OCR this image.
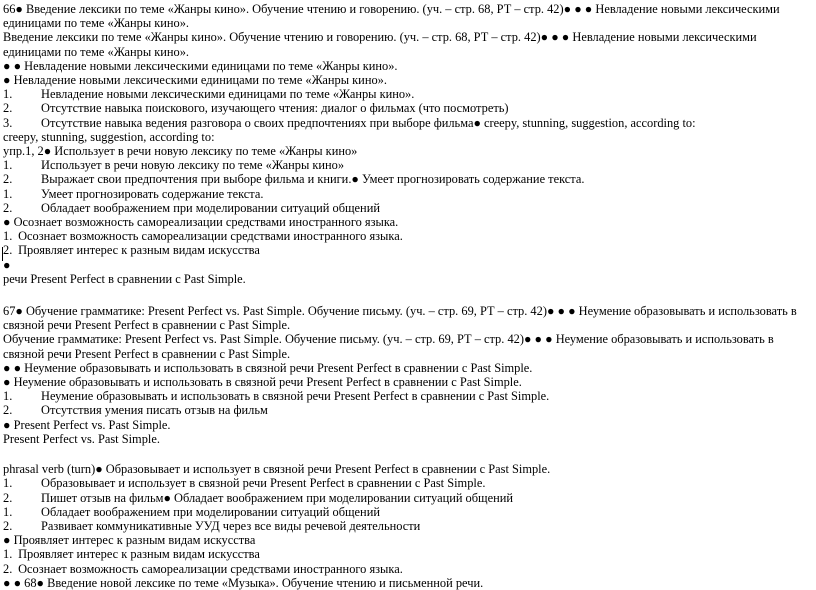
66● Введение лексики по теме «Жанры кино». Обучение чтению и говорению. (уч. – стр. 68, РТ – стр. 42)● ● ● Невладение новыми лексическими единицами по теме «Жанры кино».
Введение лексики по теме «Жанры кино». Обучение чтению и говорению. (уч. – стр. 68, РТ – стр. 42)● ● ● Невладение новыми лексическими единицами по теме «Жанры кино».
● ● Невладение новыми лексическими единицами по теме «Жанры кино».
● Невладение новыми лексическими единицами по теме «Жанры кино».
1. Невладение новыми лексическими единицами по теме «Жанры кино».
2. Отсутствие навыка поискового, изучающего чтения: диалог о фильмах (что посмотреть)
3. Отсутствие навыка ведения разговора о своих предпочтениях при выборе фильма● creepy, stunning, suggestion, according to:
creepy, stunning, suggestion, according to:
упр.1, 2● Использует в речи новую лексику по теме «Жанры кино»
1. Использует в речи новую лексику по теме «Жанры кино»
2. Выражает свои предпочтения при выборе фильма и книги.● Умеет прогнозировать содержание текста.
1. Умеет прогнозировать содержание текста.
2. Обладает воображением при моделировании ситуаций общений
● Осознает возможность самореализации средствами иностранного языка.
1. Осознает возможность самореализации средствами иностранного языка.
2. Проявляет интерес к разным видам искусства
●
речи Present Perfect в сравнении с Past Simple.
67● Обучение грамматике: Present Perfect vs. Past Simple. Обучение письму. (уч. – стр. 69, РТ – стр. 42)● ● ● Неумение образовывать и использовать в связной речи Present Perfect в сравнении с Past Simple.
Обучение грамматике: Present Perfect vs. Past Simple. Обучение письму. (уч. – стр. 69, РТ – стр. 42)● ● ● Неумение образовывать и использовать в связной речи Present Perfect в сравнении с Past Simple.
● ● Неумение образовывать и использовать в связной речи Present Perfect в сравнении с Past Simple.
● Неумение образовывать и использовать в связной речи Present Perfect в сравнении с Past Simple.
1. Неумение образовывать и использовать в связной речи Present Perfect в сравнении с Past Simple.
2. Отсутствия умения писать отзыв на фильм
● Present Perfect vs. Past Simple.
Present Perfect vs. Past Simple.
phrasal verb (turn)● Образовывает и использует в связной речи Present Perfect в сравнении с Past Simple.
1. Образовывает и использует в связной речи Present Perfect в сравнении с Past Simple.
2. Пишет отзыв на фильм● Обладает воображением при моделировании ситуаций общений
1. Обладает воображением при моделировании ситуаций общений
2. Развивает коммуникативные УУД через все виды речевой деятельности
● Проявляет интерес к разным видам искусства
1. Проявляет интерес к разным видам искусства
2. Осознает возможность самореализации средствами иностранного языка.
● ● 68● Введение новой лексике по теме «Музыка». Обучение чтению и письменной речи.
